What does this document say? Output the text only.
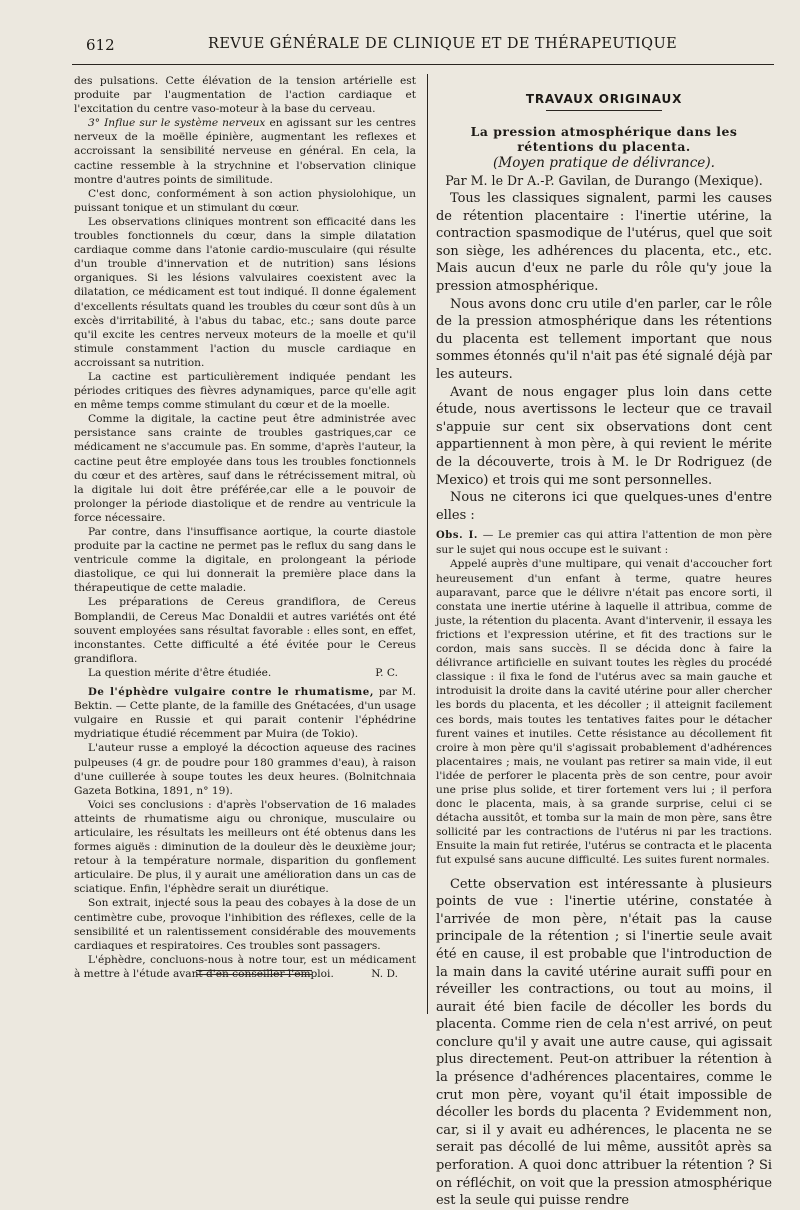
612	REVUE GÉNÉRALE DE CLINIQUE ET DE THÉRAPEUTIQUE

des pulsations. Cette élévation de la tension artérielle est produite par l'augmentation de l'action cardiaque et l'excitation du centre vaso-moteur à la base du cerveau.

3° Influe sur le système nerveux en agissant sur les centres nerveux de la moëlle épinière, augmentant les reflexes et accroissant la sensibilité nerveuse en général. En cela, la cactine ressemble à la strychnine et l'observation clinique montre d'autres points de similitude.

C'est donc, conformément à son action physiolohique, un puissant tonique et un stimulant du cœur.

Les observations cliniques montrent son efficacité dans les troubles fonctionnels du cœur, dans la simple dilatation cardiaque comme dans l'atonie cardio-musculaire (qui résulte d'un trouble d'innervation et de nutrition) sans lésions organiques. Si les lésions valvulaires coexistent avec la dilatation, ce médicament est tout indiqué. Il donne également d'excellents résultats quand les troubles du cœur sont dûs à un excès d'irritabilité, à l'abus du tabac, etc.; sans doute parce qu'il excite les centres nerveux moteurs de la moelle et qu'il stimule constamment l'action du muscle cardiaque en accroissant sa nutrition.

La cactine est particulièrement indiquée pendant les périodes critiques des fièvres adynamiques, parce qu'elle agit en même temps comme stimulant du cœur et de la moelle.

Comme la digitale, la cactine peut être administrée avec persistance sans crainte de troubles gastriques,car ce médicament ne s'accumule pas. En somme, d'après l'auteur, la cactine peut être employée dans tous les troubles fonctionnels du cœur et des artères, sauf dans le rétrécissement mitral, où la digitale lui doit être préférée,car elle a le pouvoir de prolonger la période diastolique et de rendre au ventricule la force nécessaire.

Par contre, dans l'insuffisance aortique, la courte diastole produite par la cactine ne permet pas le reflux du sang dans le ventricule comme la digitale, en prolongeant la période diastolique, ce qui lui donnerait la première place dans la thérapeutique de cette maladie.

Les préparations de Cereus grandiflora, de Cereus Bomplandii, de Cereus Mac Donaldii et autres variétés ont été souvent employées sans résultat favorable : elles sont, en effet, inconstantes. Cette difficulté a été évitée pour le Cereus grandiflora.

La question mérite d'être étudiée.	P. C.

De l'éphèdre vulgaire contre le rhumatisme, par M. Bektin. — Cette plante, de la famille des Gnétacées, d'un usage vulgaire en Russie et qui parait contenir l'éphédrine mydriatique étudié récemment par Muira (de Tokio).

L'auteur russe a employé la décoction aqueuse des racines pulpeuses (4 gr. de poudre pour 180 grammes d'eau), à raison d'une cuillerée à soupe toutes les deux heures. (Bolnitchnaia Gazeta Botkina, 1891, n° 19).

Voici ses conclusions : d'après l'observation de 16 malades atteints de rhumatisme aigu ou chronique, musculaire ou articulaire, les résultats les meilleurs ont été obtenus dans les formes aiguës : diminution de la douleur dès le deuxième jour; retour à la température normale, disparition du gonflement articulaire. De plus, il y aurait une amélioration dans un cas de sciatique. Enfin, l'éphèdre serait un diurétique.

Son extrait, injecté sous la peau des cobayes à la dose de un centimètre cube, provoque l'inhibition des réflexes, celle de la sensibilité et un ralentissement considérable des mouvements cardiaques et respiratoires. Ces troubles sont passagers.

L'éphèdre, concluons-nous à notre tour, est un médicament à mettre à l'étude avant d'en conseiller l'emploi.	N. D.

TRAVAUX ORIGINAUX
La pression atmosphérique dans les rétentions du placenta.
(Moyen pratique de délivrance).
Par M. le Dr A.-P. Gavilan, de Durango (Mexique).

Tous les classiques signalent, parmi les causes de rétention placentaire : l'inertie utérine, la contraction spasmodique de l'utérus, quel que soit son siège, les adhérences du placenta, etc., etc. Mais aucun d'eux ne parle du rôle qu'y joue la pression atmosphérique.

Nous avons donc cru utile d'en parler, car le rôle de la pression atmosphérique dans les rétentions du placenta est tellement important que nous sommes étonnés qu'il n'ait pas été signalé déjà par les auteurs.

Avant de nous engager plus loin dans cette étude, nous avertissons le lecteur que ce travail s'appuie sur cent six observations dont cent appartiennent à mon père, à qui revient le mérite de la découverte, trois à M. le Dr Rodriguez (de Mexico) et trois qui me sont personnelles.

Nous ne citerons ici que quelques-unes d'entre elles :

Obs. I. — Le premier cas qui attira l'attention de mon père sur le sujet qui nous occupe est le suivant :

Appelé auprès d'une multipare, qui venait d'accoucher fort heureusement d'un enfant à terme, quatre heures auparavant, parce que le délivre n'était pas encore sorti, il constata une inertie utérine à laquelle il attribua, comme de juste, la rétention du placenta. Avant d'intervenir, il essaya les frictions et l'expression utérine, et fit des tractions sur le cordon, mais sans succès. Il se décida donc à faire la délivrance artificielle en suivant toutes les règles du procédé classique : il fixa le fond de l'utérus avec sa main gauche et introduisit la droite dans la cavité utérine pour aller chercher les bords du placenta, et les décoller ; il atteignit facilement ces bords, mais toutes les tentatives faites pour le détacher furent vaines et inutiles. Cette résistance au décollement fit croire à mon père qu'il s'agissait probablement d'adhérences placentaires ; mais, ne voulant pas retirer sa main vide, il eut l'idée de perforer le placenta près de son centre, pour avoir une prise plus solide, et tirer fortement vers lui ; il perfora donc le placenta, mais, à sa grande surprise, celui ci se détacha aussitôt, et tomba sur la main de mon père, sans être sollicité par les contractions de l'utérus ni par les tractions. Ensuite la main fut retirée, l'utérus se contracta et le placenta fut expulsé sans aucune difficulté. Les suites furent normales.

Cette observation est intéressante à plusieurs points de vue : l'inertie utérine, constatée à l'arrivée de mon père, n'était pas la cause principale de la rétention ; si l'inertie seule avait été en cause, il est probable que l'introduction de la main dans la cavité utérine aurait suffi pour en réveiller les contractions, ou tout au moins, il aurait été bien facile de décoller les bords du placenta. Comme rien de cela n'est arrivé, on peut conclure qu'il y avait une autre cause, qui agissait plus directement. Peut-on attribuer la rétention à la présence d'adhérences placentaires, comme le crut mon père, voyant qu'il était impossible de décoller les bords du placenta ? Evidemment non, car, si il y avait eu adhérences, le placenta ne se serait pas décollé de lui même, aussitôt après sa perforation. A quoi donc attribuer la rétention ? Si on réfléchit, on voit que la pression atmosphérique est la seule qui puisse rendre
